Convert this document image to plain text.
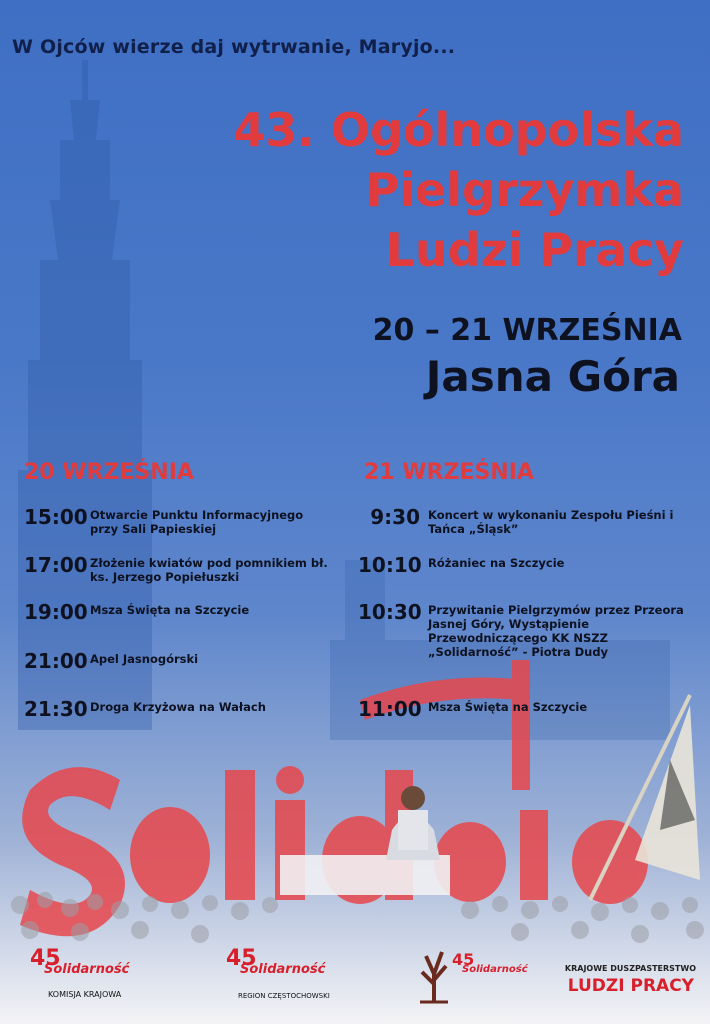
W Ojców wierze daj wytrwanie, Maryjo...
43. Ogólnopolska
Pielgrzymka
Ludzi Pracy
20 – 21 WRZEŚNIA
Jasna Góra
20 WRZEŚNIA
15:00 Otwarcie Punktu Informacyjnego przy Sali Papieskiej
17:00 Złożenie kwiatów pod pomnikiem bł. ks. Jerzego Popiełuszki
19:00 Msza Święta na Szczycie
21:00 Apel Jasnogórski
21:30 Droga Krzyżowa na Wałach
21 WRZEŚNIA
9:30 Koncert w wykonaniu Zespołu Pieśni i Tańca „Śląsk”
10:10 Różaniec na Szczycie
10:30 Przywitanie Pielgrzymów przez Przeora Jasnej Góry, Wystąpienie Przewodniczącego KK NSZZ „Solidarność” - Piotra Dudy
11:00 Msza Święta na Szczycie
45
Solidarność
KOMISJA KRAJOWA
45
Solidarność
REGION CZĘSTOCHOWSKI
45
Solidarność	KRAJOWE DUSZPASTERSTWO
LUDZI PRACY
